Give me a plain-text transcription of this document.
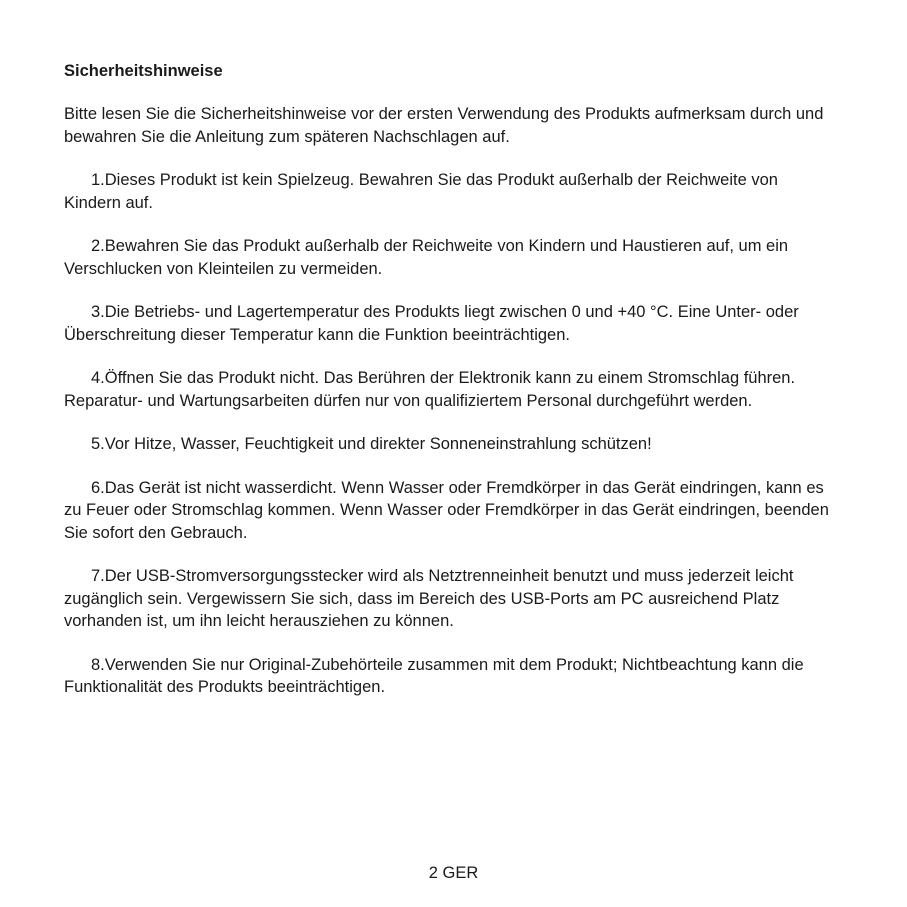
Sicherheitshinweise

Bitte lesen Sie die Sicherheitshinweise vor der ersten Verwendung des Produkts aufmerksam durch und bewahren Sie die Anleitung zum späteren Nachschlagen auf.

1.Dieses Produkt ist kein Spielzeug. Bewahren Sie das Produkt außerhalb der Reichweite von Kindern auf.

2.Bewahren Sie das Produkt außerhalb der Reichweite von Kindern und Haustieren auf, um ein Verschlucken von Kleinteilen zu vermeiden.

3.Die Betriebs- und Lagertemperatur des Produkts liegt zwischen 0 und +40 °C. Eine Unter- oder Überschreitung dieser Temperatur kann die Funktion beeinträchtigen.

4.Öffnen Sie das Produkt nicht. Das Berühren der Elektronik kann zu einem Stromschlag führen. Reparatur- und Wartungsarbeiten dürfen nur von qualifiziertem Personal durchgeführt werden.

5.Vor Hitze, Wasser, Feuchtigkeit und direkter Sonneneinstrahlung schützen!

6.Das Gerät ist nicht wasserdicht. Wenn Wasser oder Fremdkörper in das Gerät eindringen, kann es zu Feuer oder Stromschlag kommen. Wenn Wasser oder Fremdkörper in das Gerät eindringen, beenden Sie sofort den Gebrauch.

7.Der USB-Stromversorgungsstecker wird als Netztrenneinheit benutzt und muss jederzeit leicht zugänglich sein. Vergewissern Sie sich, dass im Bereich des USB-Ports am PC ausreichend Platz vorhanden ist, um ihn leicht herausziehen zu können.

8.Verwenden Sie nur Original-Zubehörteile zusammen mit dem Produkt; Nichtbeachtung kann die Funktionalität des Produkts beeinträchtigen.

2 GER
